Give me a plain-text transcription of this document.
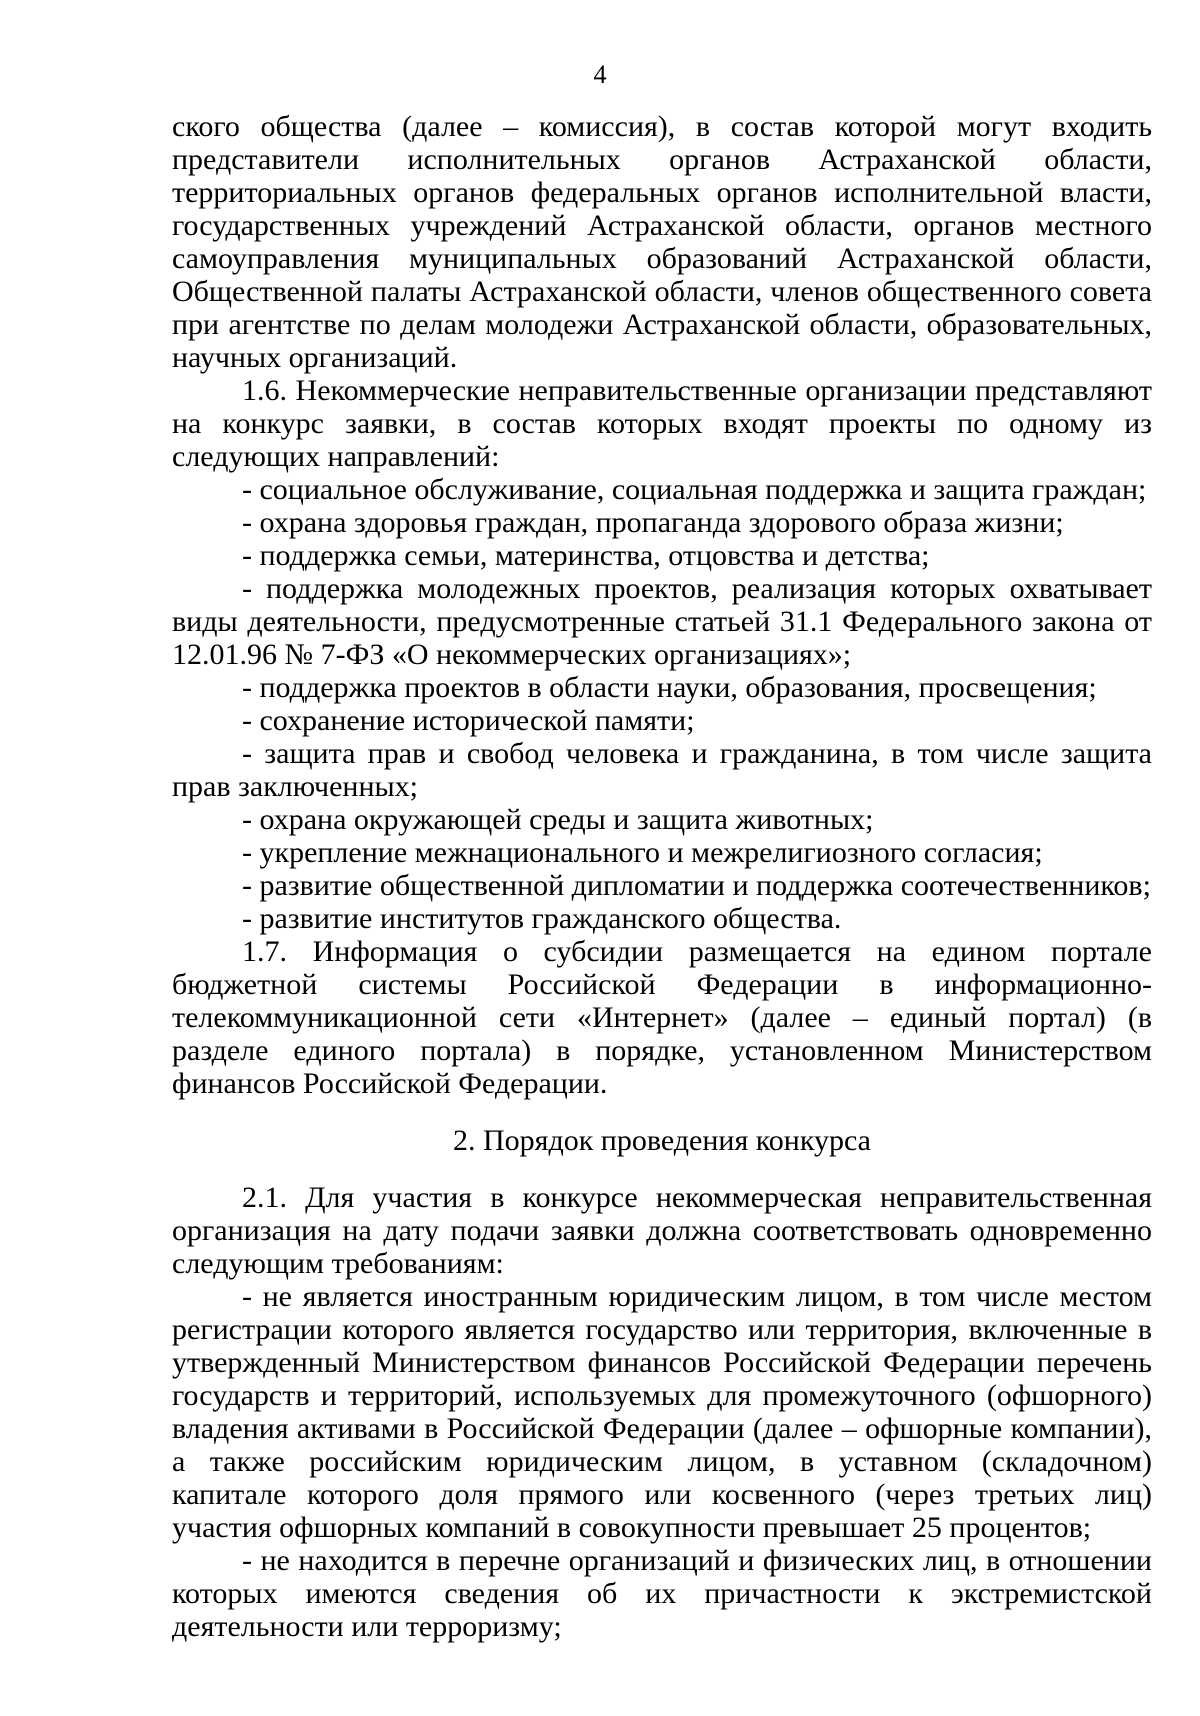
4

ского общества (далее – комиссия), в состав которой могут входить представители исполнительных органов Астраханской области, территориальных органов федеральных органов исполнительной власти, государственных учреждений Астраханской области, органов местного самоуправления муниципальных образований Астраханской области, Общественной палаты Астраханской области, членов общественного совета при агентстве по делам молодежи Астраханской области, образовательных, научных организаций.

1.6. Некоммерческие неправительственные организации представляют на конкурс заявки, в состав которых входят проекты по одному из следующих направлений:

- социальное обслуживание, социальная поддержка и защита граждан;

- охрана здоровья граждан, пропаганда здорового образа жизни;

- поддержка семьи, материнства, отцовства и детства;

- поддержка молодежных проектов, реализация которых охватывает виды деятельности, предусмотренные статьей 31.1 Федерального закона от 12.01.96 № 7-ФЗ «О некоммерческих организациях»;

- поддержка проектов в области науки, образования, просвещения;

- сохранение исторической памяти;

- защита прав и свобод человека и гражданина, в том числе защита прав заключенных;

- охрана окружающей среды и защита животных;

- укрепление межнационального и межрелигиозного согласия;

- развитие общественной дипломатии и поддержка соотечественников;

- развитие институтов гражданского общества.

1.7. Информация о субсидии размещается на едином портале бюджетной системы Российской Федерации в информационно-телекоммуникационной сети «Интернет» (далее – единый портал) (в разделе единого портала) в порядке, установленном Министерством финансов Российской Федерации.

2. Порядок проведения конкурса

2.1. Для участия в конкурсе некоммерческая неправительственная организация на дату подачи заявки должна соответствовать одновременно следующим требованиям:

- не является иностранным юридическим лицом, в том числе местом регистрации которого является государство или территория, включенные в утвержденный Министерством финансов Российской Федерации перечень государств и территорий, используемых для промежуточного (офшорного) владения активами в Российской Федерации (далее – офшорные компании), а также российским юридическим лицом, в уставном (складочном) капитале которого доля прямого или косвенного (через третьих лиц) участия офшорных компаний в совокупности превышает 25 процентов;

- не находится в перечне организаций и физических лиц, в отношении которых имеются сведения об их причастности к экстремистской деятельности или терроризму;
